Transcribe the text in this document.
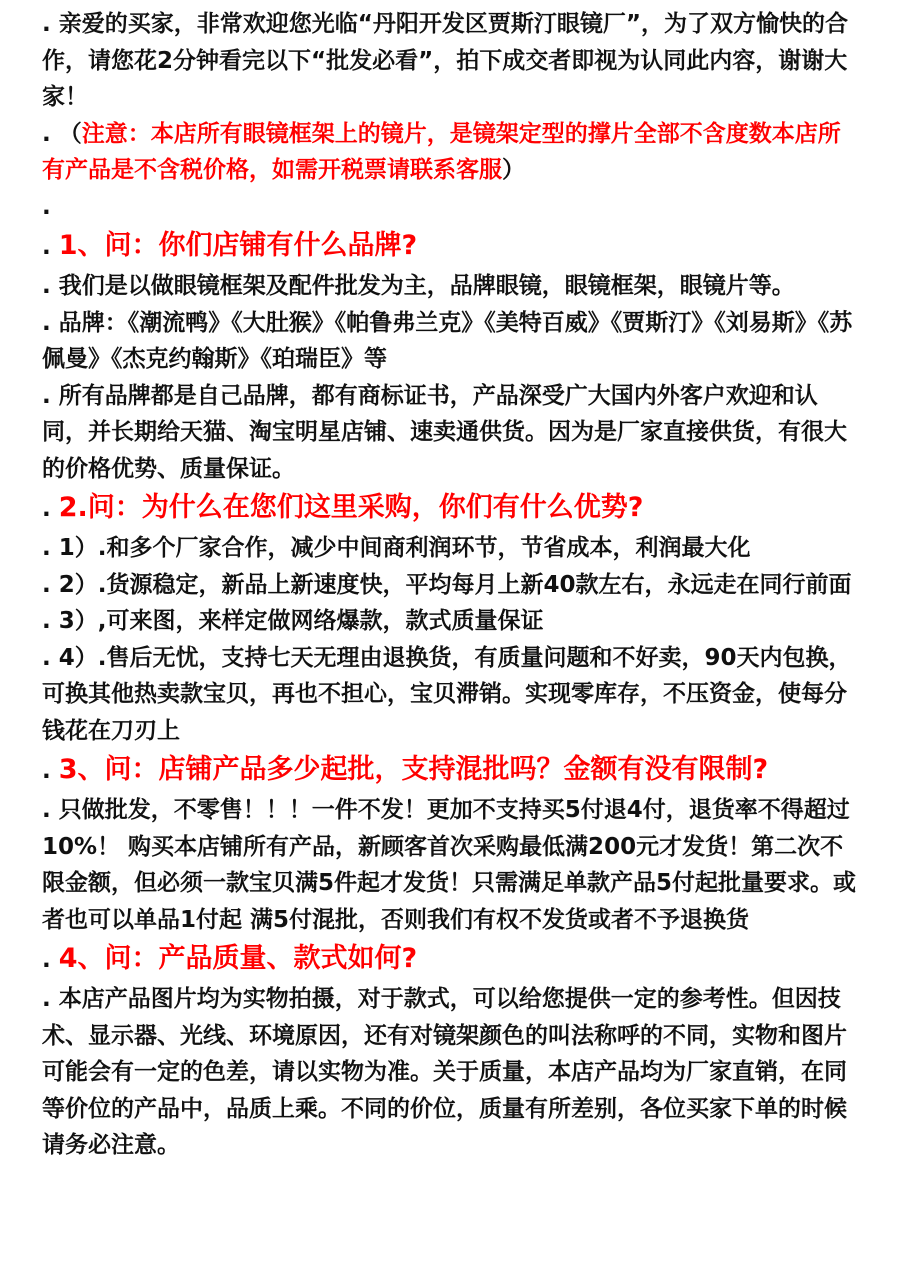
. 亲爱的买家，非常欢迎您光临“丹阳开发区贾斯汀眼镜厂”，为了双方愉快的合作，请您花2分钟看完以下“批发必看”，拍下成交者即视为认同此内容，谢谢大家！

. （注意：本店所有眼镜框架上的镜片，是镜架定型的撑片全部不含度数本店所有产品是不含税价格，如需开税票请联系客服）

.

. 1、问：你们店铺有什么品牌?

. 我们是以做眼镜框架及配件批发为主，品牌眼镜，眼镜框架，眼镜片等。

. 品牌：《潮流鸭》《大肚猴》《帕鲁弗兰克》《美特百威》《贾斯汀》《刘易斯》《苏佩曼》《杰克约翰斯》《珀瑞臣》等

. 所有品牌都是自己品牌，都有商标证书，产品深受广大国内外客户欢迎和认同，并长期给天猫、淘宝明星店铺、速卖通供货。因为是厂家直接供货，有很大的价格优势、质量保证。

. 2.问：为什么在您们这里采购，你们有什么优势?

. 1）.和多个厂家合作，减少中间商利润环节，节省成本，利润最大化

. 2）.货源稳定，新品上新速度快，平均每月上新40款左右，永远走在同行前面

. 3）,可来图，来样定做网络爆款，款式质量保证

. 4）.售后无忧，支持七天无理由退换货，有质量问题和不好卖，90天内包换，可换其他热卖款宝贝，再也不担心，宝贝滞销。实现零库存，不压资金，使每分钱花在刀刃上

. 3、问：店铺产品多少起批，支持混批吗？金额有没有限制?

. 只做批发，不零售！！！一件不发！更加不支持买5付退4付，退货率不得超过10%！ 购买本店铺所有产品，新顾客首次采购最低满200元才发货！第二次不限金额，但必须一款宝贝满5件起才发货！只需满足单款产品5付起批量要求。或者也可以单品1付起 满5付混批，否则我们有权不发货或者不予退换货

. 4、问：产品质量、款式如何?

. 本店产品图片均为实物拍摄，对于款式，可以给您提供一定的参考性。但因技术、显示器、光线、环境原因，还有对镜架颜色的叫法称呼的不同，实物和图片可能会有一定的色差，请以实物为准。关于质量，本店产品均为厂家直销，在同等价位的产品中，品质上乘。不同的价位，质量有所差别，各位买家下单的时候请务必注意。
